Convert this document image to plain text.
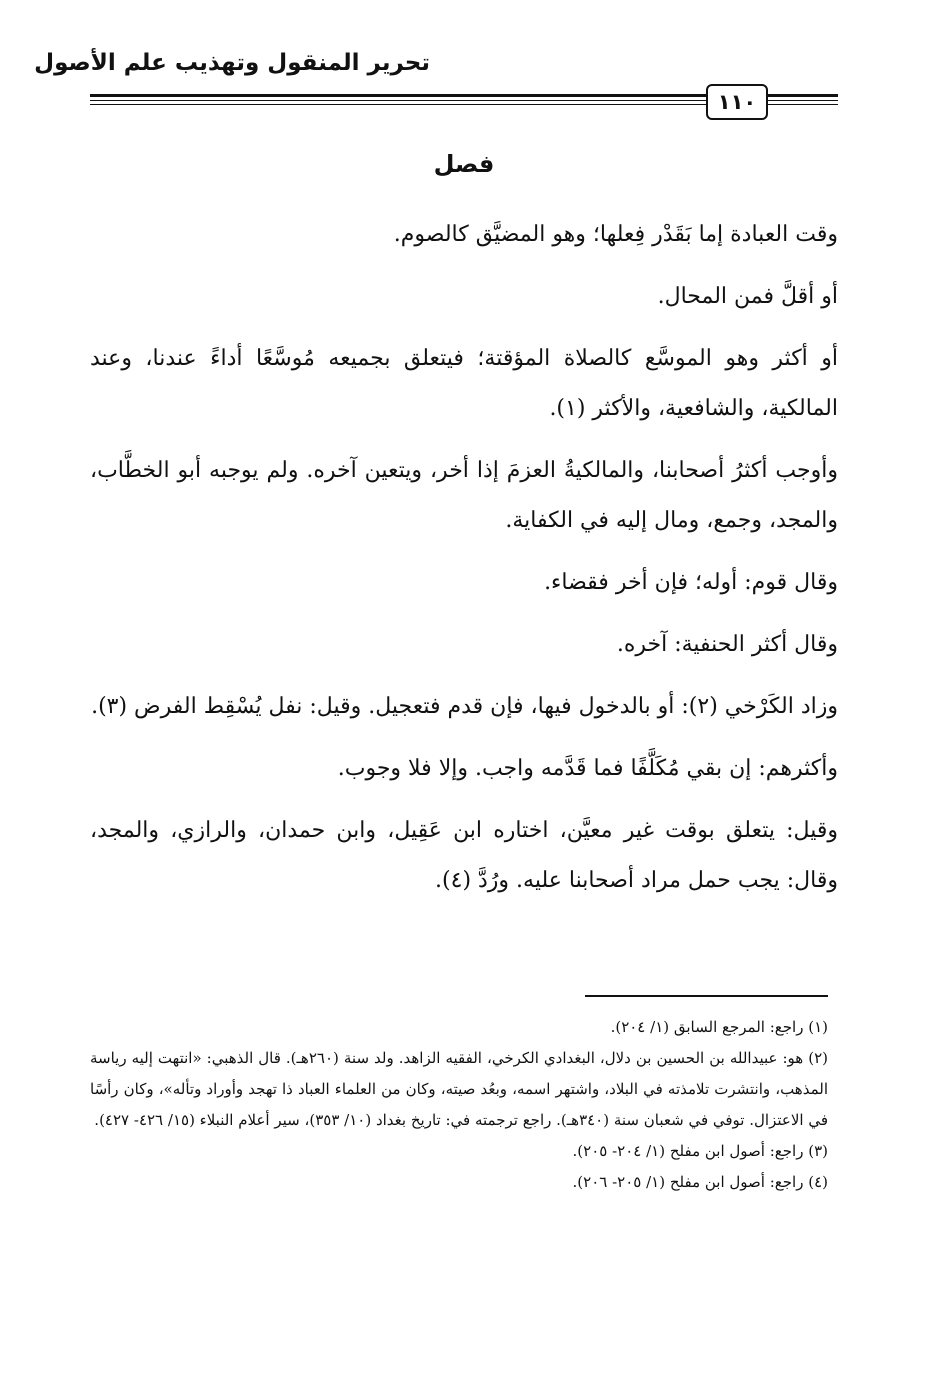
تحرير المنقول وتهذيب علم الأصول
١١٠
فصل

وقت العبادة إما بَقَدْر فِعلها؛ وهو المضيَّق كالصوم.

أو أقلَّ فمن المحال.

أو أكثر وهو الموسَّع كالصلاة المؤقتة؛ فيتعلق بجميعه مُوسَّعًا أداءً عندنا، وعند المالكية، والشافعية، والأكثر (١).

وأوجب أكثرُ أصحابنا، والمالكيةُ العزمَ إذا أخر، ويتعين آخره. ولم يوجبه أبو الخطَّاب، والمجد، وجمع، ومال إليه في الكفاية.

وقال قوم: أوله؛ فإن أخر فقضاء.

وقال أكثر الحنفية: آخره.

وزاد الكَرْخي (٢): أو بالدخول فيها، فإن قدم فتعجيل. وقيل: نفل يُسْقِط الفرض (٣).

وأكثرهم: إن بقي مُكَلَّفًا فما قَدَّمه واجب. وإلا فلا وجوب.

وقيل: يتعلق بوقت غير معيَّن، اختاره ابن عَقِيل، وابن حمدان، والرازي، والمجد، وقال: يجب حمل مراد أصحابنا عليه. ورُدَّ (٤).

(١) راجع: المرجع السابق (١/ ٢٠٤).

(٢) هو: عبيدالله بن الحسين بن دلال، البغدادي الكرخي، الفقيه الزاهد. ولد سنة (٢٦٠هـ). قال الذهبي: «انتهت إليه رياسة المذهب، وانتشرت تلامذته في البلاد، واشتهر اسمه، وبعُد صيته، وكان من العلماء العباد ذا تهجد وأوراد وتأله»، وكان رأسًا في الاعتزال. توفي في شعبان سنة (٣٤٠هـ). راجع ترجمته في: تاريخ بغداد (١٠/ ٣٥٣)، سير أعلام النبلاء (١٥/ ٤٢٦- ٤٢٧).

(٣) راجع: أصول ابن مفلح (١/ ٢٠٤- ٢٠٥).

(٤) راجع: أصول ابن مفلح (١/ ٢٠٥- ٢٠٦).
